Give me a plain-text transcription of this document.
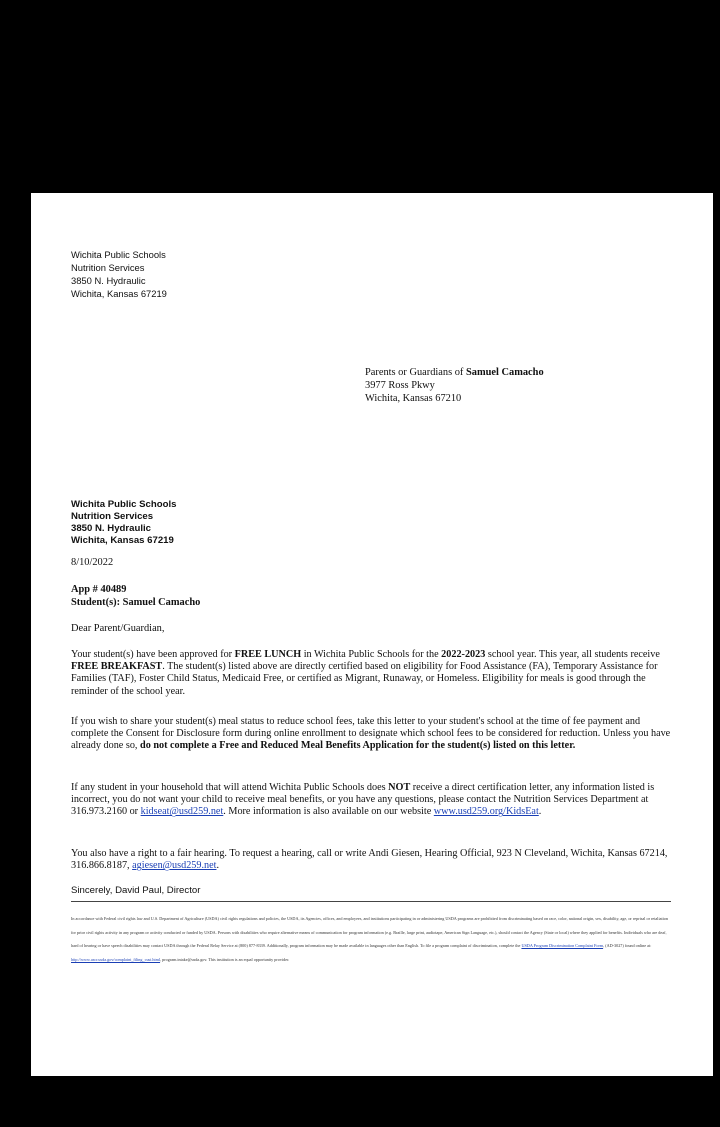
Wichita Public Schools
Nutrition Services
3850 N. Hydraulic
Wichita, Kansas 67219
Parents or Guardians of Samuel Camacho
3977 Ross Pkwy
Wichita, Kansas 67210
Wichita Public Schools
Nutrition Services
3850 N. Hydraulic
Wichita, Kansas 67219
8/10/2022
App # 40489
Student(s): Samuel Camacho
Dear Parent/Guardian,
Your student(s) have been approved for FREE LUNCH in Wichita Public Schools for the 2022-2023 school year. This year, all students receive FREE BREAKFAST. The student(s) listed above are directly certified based on eligibility for Food Assistance (FA), Temporary Assistance for Families (TAF), Foster Child Status, Medicaid Free, or certified as Migrant, Runaway, or Homeless. Eligibility for meals is good through the reminder of the school year.
If you wish to share your student(s) meal status to reduce school fees, take this letter to your student's school at the time of fee payment and complete the Consent for Disclosure form during online enrollment to designate which school fees to be considered for reduction. Unless you have already done so, do not complete a Free and Reduced Meal Benefits Application for the student(s) listed on this letter.
If any student in your household that will attend Wichita Public Schools does NOT receive a direct certification letter, any information listed is incorrect, you do not want your child to receive meal benefits, or you have any questions, please contact the Nutrition Services Department at 316.973.2160 or kidseat@usd259.net. More information is also available on our website www.usd259.org/KidsEat.
You also have a right to a fair hearing. To request a hearing, call or write Andi Giesen, Hearing Official, 923 N Cleveland, Wichita, Kansas 67214, 316.866.8187, agiesen@usd259.net.
Sincerely, David Paul, Director
In accordance with Federal civil rights law and U.S. Department of Agriculture (USDA) civil rights regulations and policies, the USDA, its Agencies, offices, and employees, and institutions participating in or administering USDA programs are prohibited from discriminating based on race, color, national origin, sex, disability, age, or reprisal or retaliation for prior civil rights activity in any program or activity conducted or funded by USDA. Persons with disabilities who require alternative means of communication for program information (e.g. Braille, large print, audiotape, American Sign Language, etc.), should contact the Agency (State or local) where they applied for benefits. Individuals who are deaf, hard of hearing or have speech disabilities may contact USDA through the Federal Relay Service at (800) 877-8339. Additionally, program information may be made available in languages other than English. To file a program complaint of discrimination, complete the USDA Program Discrimination Complaint Form, (AD-3027) found online at: http://www.ascr.usda.gov/complaint_filing_cust.html, program.intake@usda.gov. This institution is an equal opportunity provider.
